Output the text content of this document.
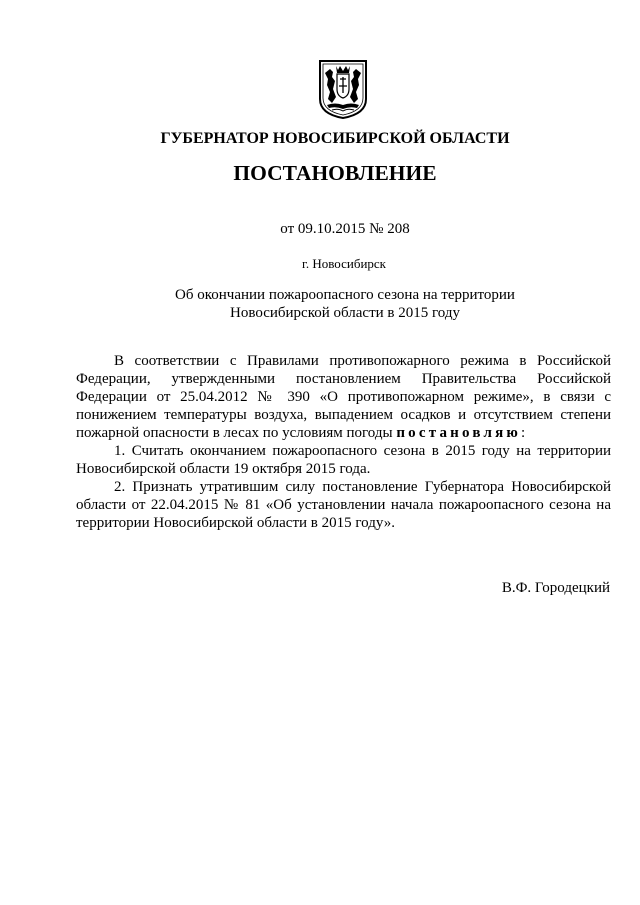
ГУБЕРНАТОР НОВОСИБИРСКОЙ ОБЛАСТИ
ПОСТАНОВЛЕНИЕ
от 09.10.2015 № 208
г. Новосибирск
Об окончании пожароопасного сезона на территории
Новосибирской области в 2015 году

В соответствии с Правилами противопожарного режима в Российской Федерации, утвержденными постановлением Правительства Российской Федерации от 25.04.2012 № 390 «О противопожарном режиме», в связи с понижением температуры воздуха, выпадением осадков и отсутствием степени пожарной опасности в лесах по условиям погоды постановляю:

1. Считать окончанием пожароопасного сезона в 2015 году на территории Новосибирской области 19 октября 2015 года.

2. Признать утратившим силу постановление Губернатора Новосибирской области от 22.04.2015 № 81 «Об установлении начала пожароопасного сезона на территории Новосибирской области в 2015 году».

В.Ф. Городецкий
